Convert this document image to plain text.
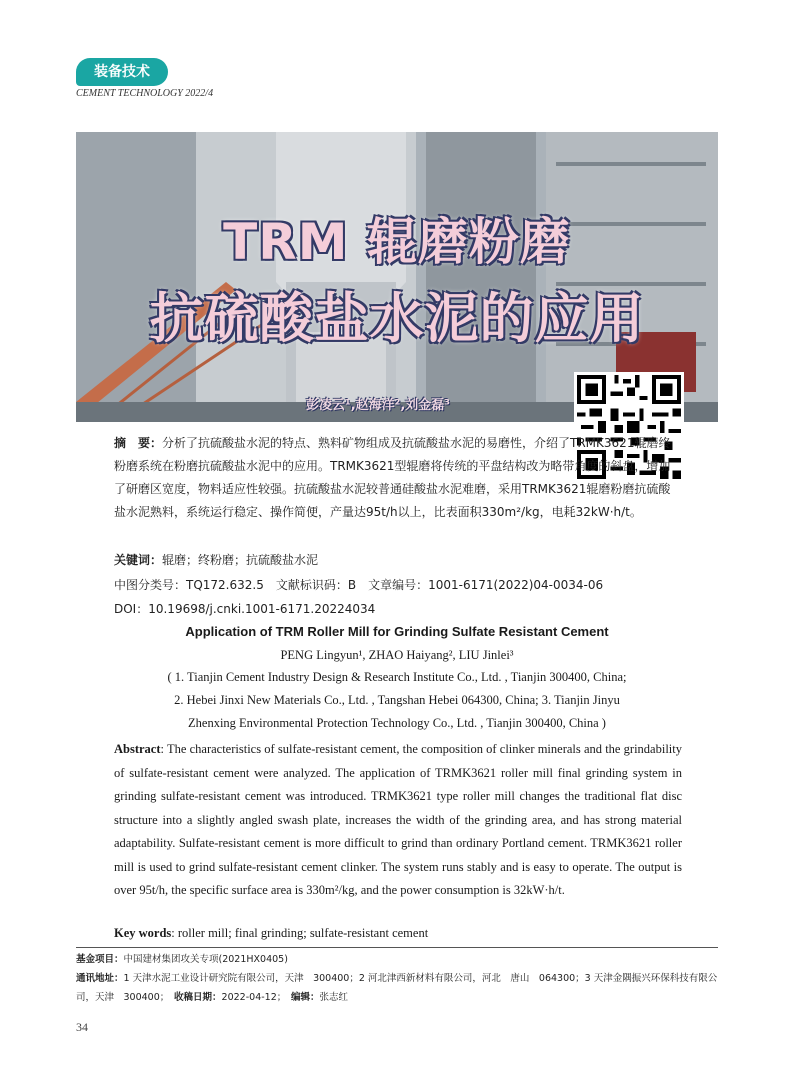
装备技术
CEMENT TECHNOLOGY 2022/4
TRM 辊磨粉磨
抗硫酸盐水泥的应用
彭凌云¹,赵海洋²,刘金磊³
摘　要：分析了抗硫酸盐水泥的特点、熟料矿物组成及抗硫酸盐水泥的易磨性，介绍了TRMK3621辊磨终粉磨系统在粉磨抗硫酸盐水泥中的应用。TRMK3621型辊磨将传统的平盘结构改为略带角度的斜盘，增加了研磨区宽度，物料适应性较强。抗硫酸盐水泥较普通硅酸盐水泥难磨，采用TRMK3621辊磨粉磨抗硫酸盐水泥熟料，系统运行稳定、操作简便，产量达95t/h以上，比表面积330m²/kg，电耗32kW·h/t。
关键词：辊磨；终粉磨；抗硫酸盐水泥
中图分类号：TQ172.632.5　文献标识码：B　文章编号：1001-6171(2022)04-0034-06
DOI：10.19698/j.cnki.1001-6171.20224034
Application of TRM Roller Mill for Grinding Sulfate Resistant Cement
PENG Lingyun¹, ZHAO Haiyang², LIU Jinlei³
( 1. Tianjin Cement Industry Design & Research Institute Co., Ltd. , Tianjin 300400, China;
2. Hebei Jinxi New Materials Co., Ltd. , Tangshan Hebei 064300, China; 3. Tianjin Jinyu
Zhenxing Environmental Protection Technology Co., Ltd. , Tianjin 300400, China )
Abstract: The characteristics of sulfate-resistant cement, the composition of clinker minerals and the grindability of sulfate-resistant cement were analyzed. The application of TRMK3621 roller mill final grinding system in grinding sulfate-resistant cement was introduced. TRMK3621 type roller mill changes the traditional flat disc structure into a slightly angled swash plate, increases the width of the grinding area, and has strong material adaptability. Sulfate-resistant cement is more difficult to grind than ordinary Portland cement. TRMK3621 roller mill is used to grind sulfate-resistant cement clinker. The system runs stably and is easy to operate. The output is over 95t/h, the specific surface area is 330m²/kg, and the power consumption is 32kW·h/t.
Key words: roller mill; final grinding; sulfate-resistant cement
基金项目：中国建材集团攻关专项(2021HX0405)
通讯地址：1 天津水泥工业设计研究院有限公司，天津　300400；2 河北津西新材料有限公司，河北　唐山　064300；3 天津金隅振兴环保科技有限公司，天津　300400；　 收稿日期：2022-04-12；　 编辑：张志红
34
